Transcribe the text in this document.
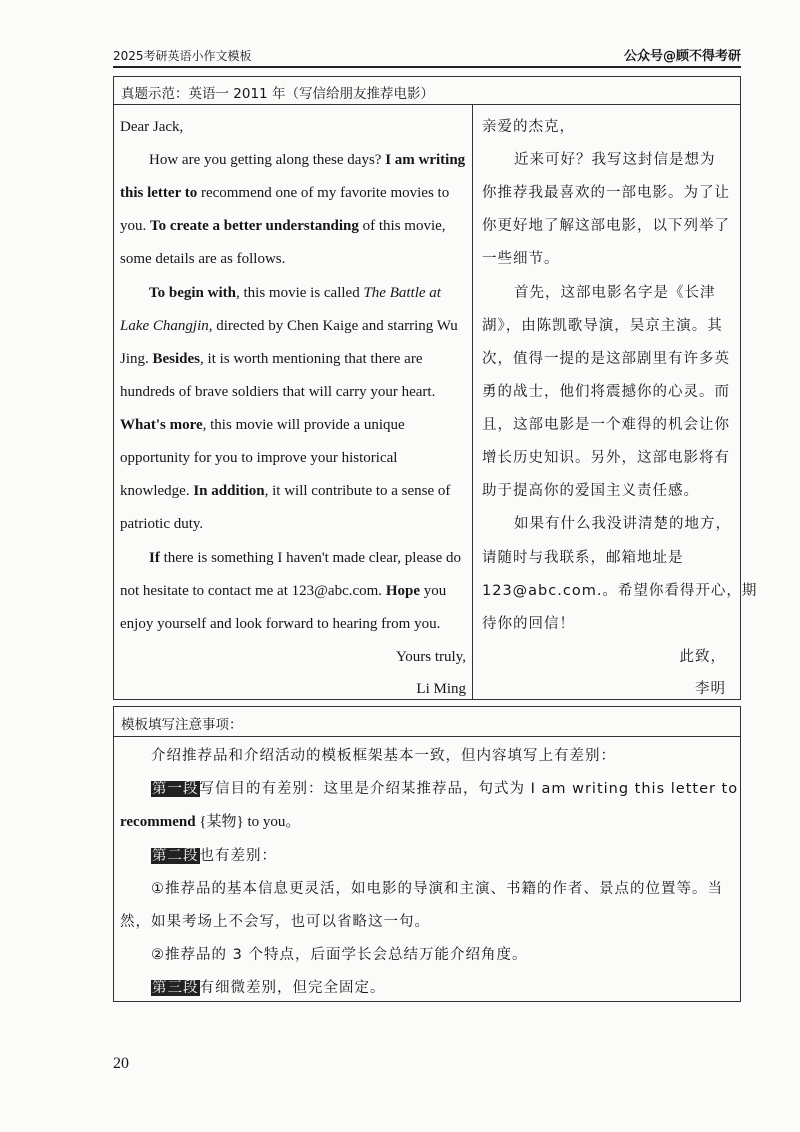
2025考研英语小作文模板	公众号@顾不得考研
真题示范：英语一 2011 年（写信给朋友推荐电影）
Dear Jack,
How are you getting along these days? I am writing
this letter to recommend one of my favorite movies to
you. To create a better understanding of this movie,
some details are as follows.
To begin with, this movie is called The Battle at
Lake Changjin, directed by Chen Kaige and starring Wu
Jing. Besides, it is worth mentioning that there are
hundreds of brave soldiers that will carry your heart.
What's more, this movie will provide a unique
opportunity for you to improve your historical
knowledge. In addition, it will contribute to a sense of
patriotic duty.
If there is something I haven't made clear, please do
not hesitate to contact me at 123@abc.com. Hope you
enjoy yourself and look forward to hearing from you.
Yours truly,
Li Ming
亲爱的杰克，
近来可好？我写这封信是想为
你推荐我最喜欢的一部电影。为了让
你更好地了解这部电影，以下列举了
一些细节。
首先，这部电影名字是《长津
湖》，由陈凯歌导演，吴京主演。其
次，值得一提的是这部剧里有许多英
勇的战士，他们将震撼你的心灵。而
且，这部电影是一个难得的机会让你
增长历史知识。另外，这部电影将有
助于提高你的爱国主义责任感。
如果有什么我没讲清楚的地方，
请随时与我联系，邮箱地址是
123@abc.com.。希望你看得开心，期
待你的回信！
此致，
李明
模板填写注意事项：
介绍推荐品和介绍活动的模板框架基本一致，但内容填写上有差别：
第一段写信目的有差别：这里是介绍某推荐品，句式为 I am writing this letter to
recommend {某物} to you。
第二段也有差别：
①推荐品的基本信息更灵活，如电影的导演和主演、书籍的作者、景点的位置等。当
然，如果考场上不会写，也可以省略这一句。
②推荐品的 3 个特点，后面学长会总结万能介绍角度。
第三段有细微差别，但完全固定。
20
